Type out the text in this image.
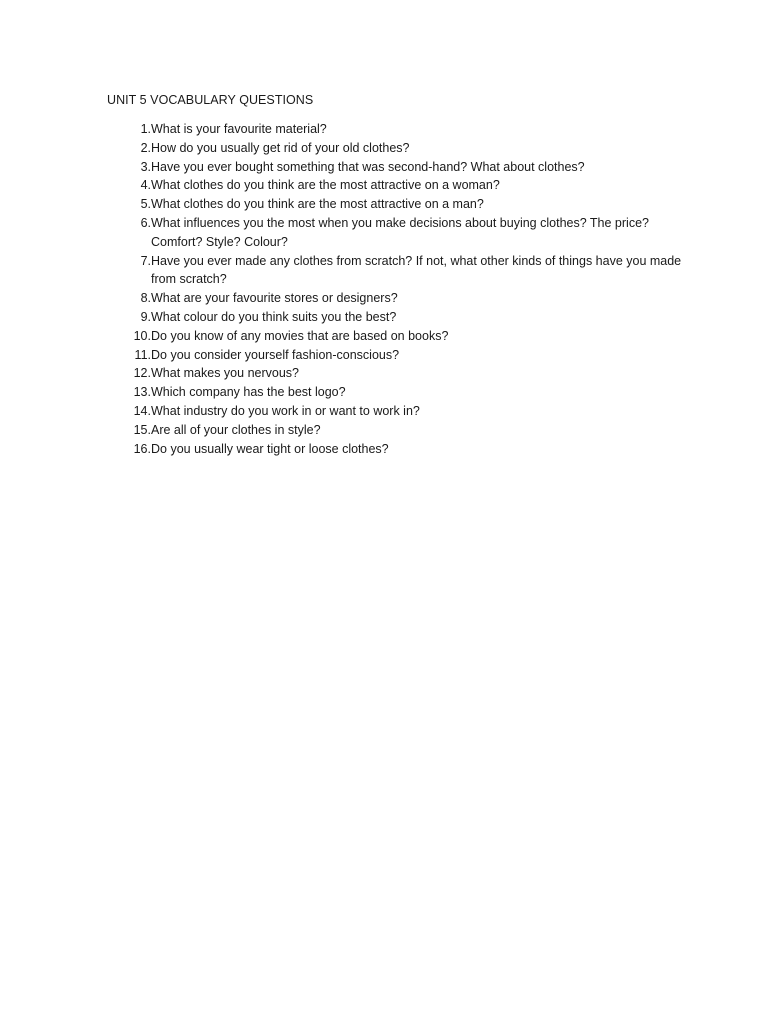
UNIT 5 VOCABULARY QUESTIONS
1. What is your favourite material?
2. How do you usually get rid of your old clothes?
3. Have you ever bought something that was second-hand? What about clothes?
4. What clothes do you think are the most attractive on a woman?
5. What clothes do you think are the most attractive on a man?
6. What influences you the most when you make decisions about buying clothes? The price? Comfort? Style? Colour?
7. Have you ever made any clothes from scratch? If not, what other kinds of things have you made from scratch?
8. What are your favourite stores or designers?
9. What colour do you think suits you the best?
10. Do you know of any movies that are based on books?
11. Do you consider yourself fashion-conscious?
12. What makes you nervous?
13. Which company has the best logo?
14. What industry do you work in or want to work in?
15. Are all of your clothes in style?
16. Do you usually wear tight or loose clothes?
